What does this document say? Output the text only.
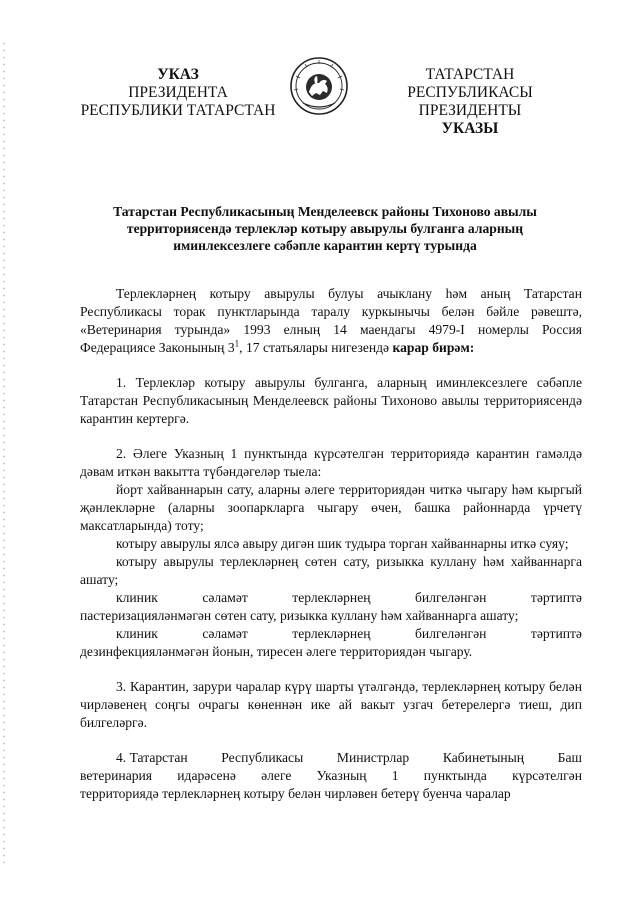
УКАЗ
ПРЕЗИДЕНТА
РЕСПУБЛИКИ ТАТАРСТАН
ТАТАРСТАН РЕСПУБЛИКАСЫ
ПРЕЗИДЕНТЫ
УКАЗЫ
Татарстан Республикасының Менделеевск районы Тихоново авылы
территориясендә терлекләр котыру авырулы булганга аларның
иминлексезлеге сәбәпле карантин кертү турында

Терлекләрнең котыру авырулы булуы ачыклану һәм аның Татарстан Республикасы торак пунктларында таралу куркынычы белән бәйле рәвештә, «Ветеринария турында» 1993 елның 14 маендагы 4979-I номерлы Россия Федерациясе Законының $3^1$, 17 статьялары нигезендә карар бирәм:

1. Терлекләр котыру авырулы булганга, аларның иминлексезлеге сәбәпле Татарстан Республикасының Менделеевск районы Тихоново авылы территориясендә карантин кертергә.

2. Әлеге Указның 1 пунктында күрсәтелгән территориядә карантин гамәлдә дәвам иткән вакытта түбәндәгеләр тыела:

йорт хайваннарын сату, аларны әлеге территориядән читкә чыгару һәм кыргый җәнлекләрне (аларны зоопаркларга чыгару өчен, башка районнарда үрчетү максатларында) тоту;

котыру авырулы ялсә авыру дигән шик тудыра торган хайваннарны иткә суяу;

котыру авырулы терлекләрнең сөтен сату, ризыкка куллану һәм хайваннарга ашату;

клиник	сәламәт	терлекләрнең	билгеләнгән	тәртиптә

пастеризацияләнмәгән сөтен сату, ризыкка куллану һәм хайваннарга ашату;

клиник	сәламәт	терлекләрнең	билгеләнгән	тәртиптә

дезинфекцияләнмәгән йонын, тиресен әлеге территориядән чыгару.

3. Карантин, зарури чаралар күрү шарты үтәлгәндә, терлекләрнең котыру белән чирләвенең соңгы очрагы көненнән ике ай вакыт узгач бетерелергә тиеш, дип билгеләргә.

4. Татарстан Республикасы Министрлар Кабинетының Баш
ветеринария идарәсенә әлеге Указның 1 пунктында күрсәтелгән

территориядә терлекләрнең котыру белән чирләвен бетерү буенча чаралар
